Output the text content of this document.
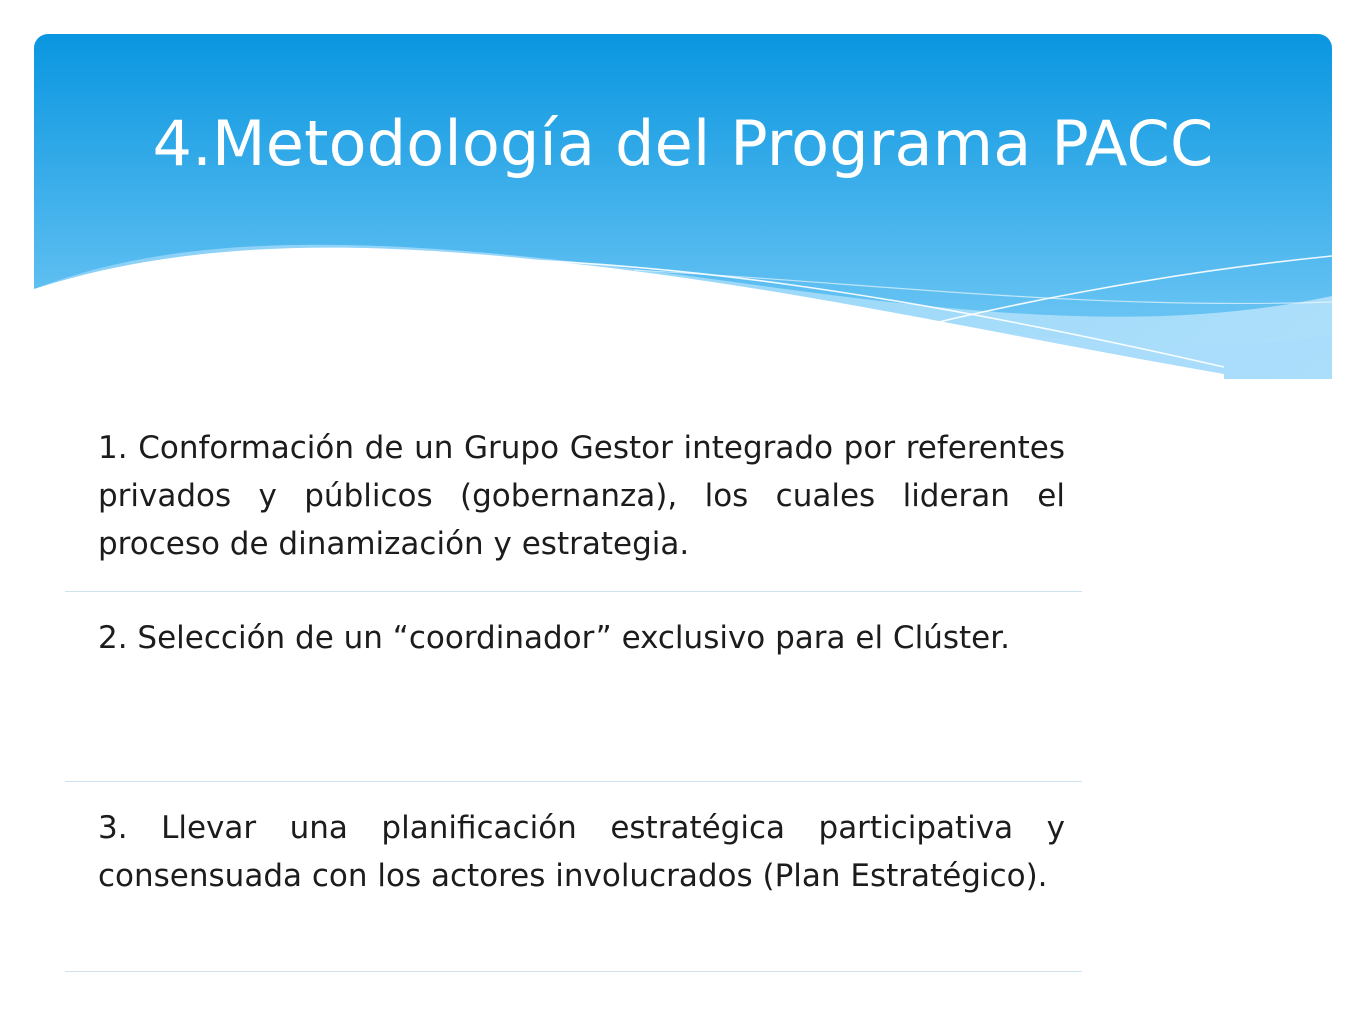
4.Metodología del Programa PACC
1. Conformación de un Grupo Gestor integrado por referentes privados y públicos (gobernanza), los cuales lideran el proceso de dinamización y estrategia.
2. Selección de un “coordinador” exclusivo para el Clúster.
3. Llevar una planificación estratégica participativa y consensuada con los actores involucrados (Plan Estratégico).
